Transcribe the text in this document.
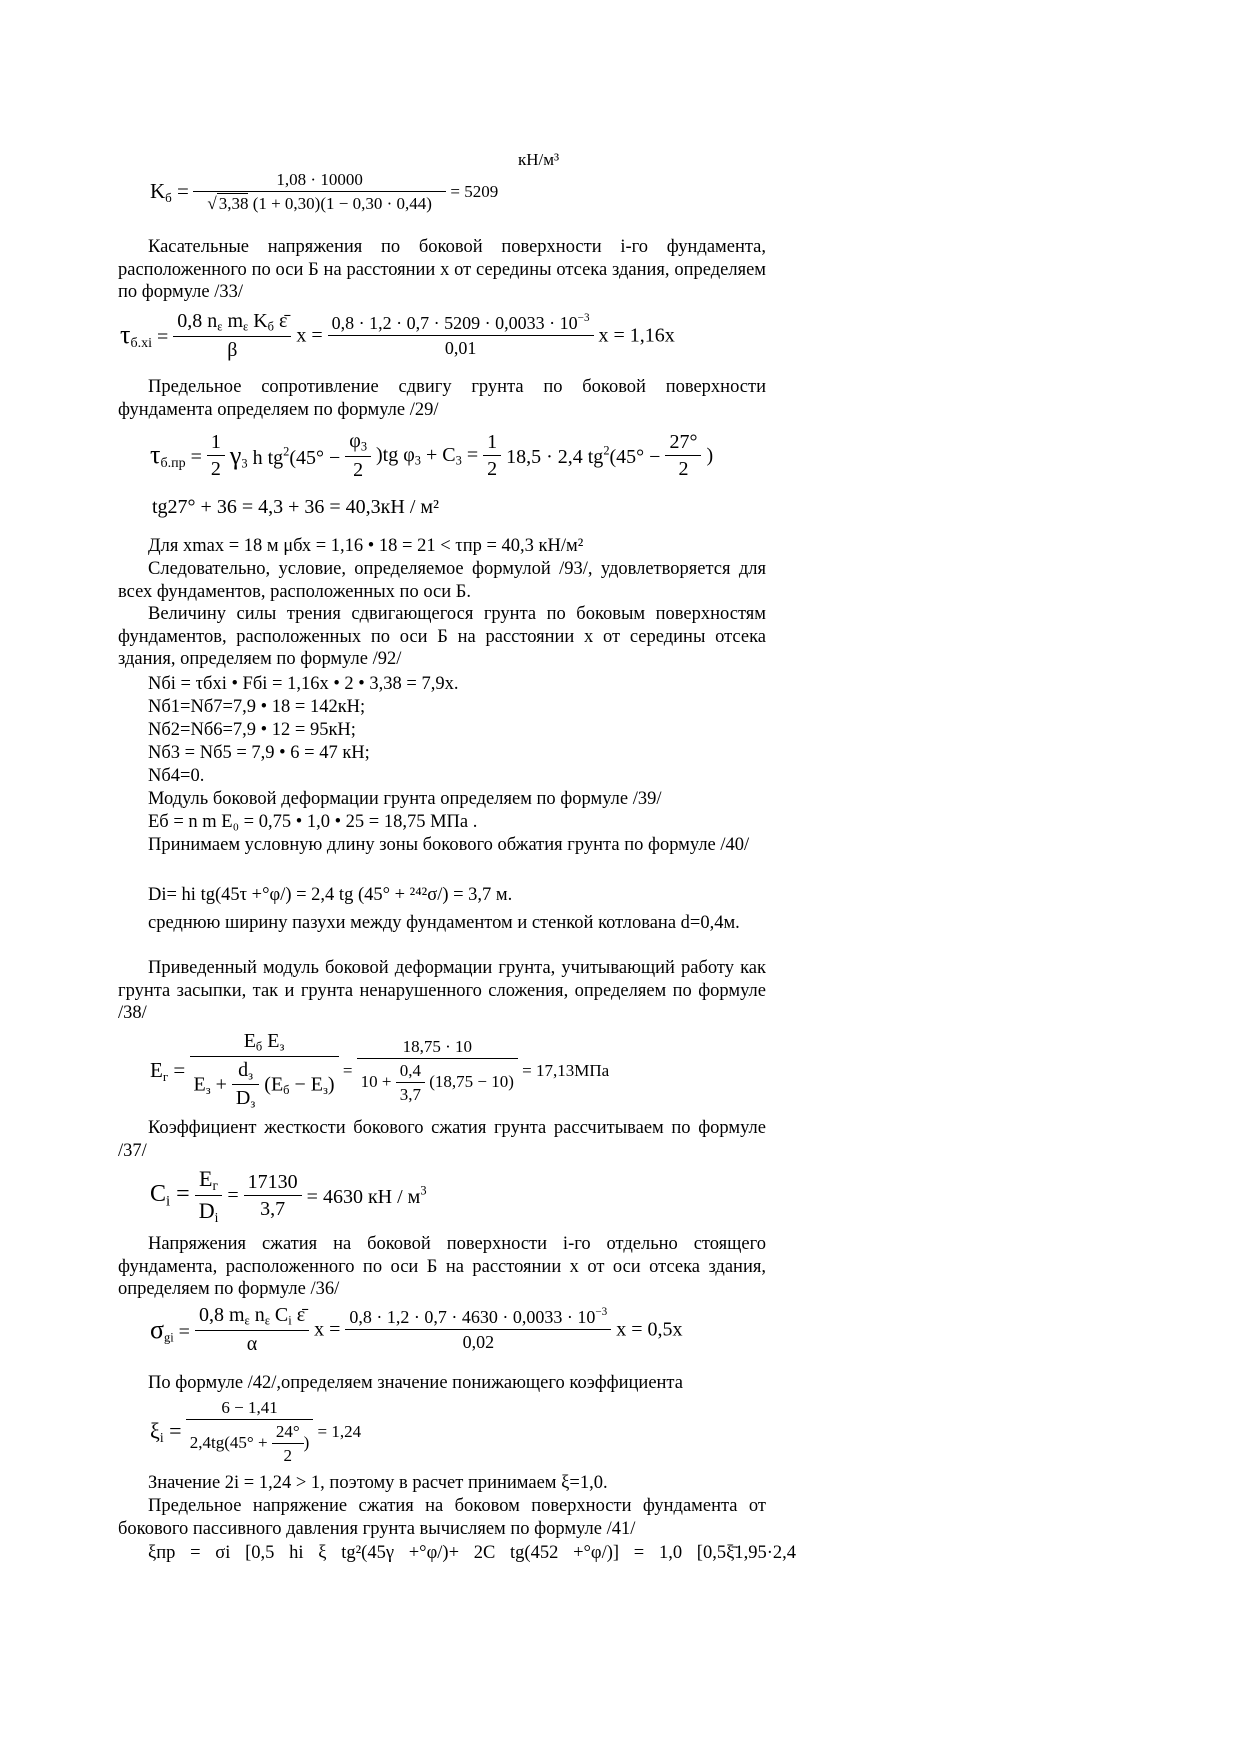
кН/м³
$K_б = \frac{1,08 \cdot 10000}{√ 3,38 (1 + 0,30)(1 - 0,30 \cdot 0,44)} = 5209$
Касательные напряжения по боковой поверхности i-го фундамента, расположенного по оси Б на расстоянии x от середины отсека здания, определяем по формуле /33/
$\tau_{б.xi} = \frac{0,8 n_\varepsilon m_\varepsilon K_б \varepsilon̄}{\beta}$ $x = \frac{0,8 \cdot 1,2 \cdot 0,7 \cdot 5209 \cdot 0,0033 \cdot 10^{-3}}{0,01}$ x = 1,16x
Предельное сопротивление сдвигу грунта по боковой поверхности фундамента определяем по формуле /29/
$\tau_{б.пр} = \frac{1}{2} \gamma_3$ h $tg^2(45^\circ - \frac{\varphi_3}{2} )tg$ $\varphi_3 + C_3 = \frac{1}{2} 18,5 \cdot 2,4$ $tg^2(45^\circ - \frac{27^\circ}{2}$ )
tg27° + 36 = 4,3 + 36 = 40,3кН / м²
Для xmax = 18 м μбх = 1,16 • 18 = 21 < τпр = 40,3 кН/м²
Следовательно, условие, определяемое формулой /93/, удовлетворяется для всех фундаментов, расположенных по оси Б.
Величину силы трения сдвигающегося грунта по боковым поверхностям фундаментов, расположенных по оси Б на расстоянии x от середины отсека здания, определяем по формуле /92/
Nбi = τбxi • Fбi = 1,16x • 2 • 3,38 = 7,9x.
Nб1=Nб7=7,9 • 18 = 142кН;
Nб2=Nб6=7,9 • 12 = 95кН;
Nб3 = Nб5 = 7,9 • 6 = 47 кН;
Nб4=0.
Модуль боковой деформации грунта определяем по формуле /39/
Eб = n m E₀ = 0,75 • 1,0 • 25 = 18,75 МПа .
Принимаем условную длину зоны бокового обжатия грунта по формуле /40/
Di= hi tg(45τ +°φ/) = 2,4 tg (45° + ²⁴²σ/) = 3,7 м.
среднюю ширину пазухи между фундаментом и стенкой котлована d=0,4м.
Приведенный модуль боковой деформации грунта, учитывающий работу как грунта засыпки, так и грунта ненарушенного сложения, определяем по формуле /38/
$E_г = \frac{E_б E_з}{E_з + \frac{d_з}{D_з} (E_б - E_з)} = \frac{18,75 \cdot 10}{10 + \frac{0,4}{3,7} (18,75 - 10)} = 17,13МПа$
Коэффициент жесткости бокового сжатия грунта рассчитываем по формуле /37/
$C_i = \frac{E_г}{D_i} = \frac{17130}{3,7} = 4630$ кН / $м^3$
Напряжения сжатия на боковой поверхности i-го отдельно стоящего фундамента, расположенного по оси Б на расстоянии x от оси отсека здания, определяем по формуле /36/
$\sigma_{gi} = \frac{0,8 m_\varepsilon n_\varepsilon C_i \varepsilon̄}{\alpha}$ $x = \frac{0,8 \cdot 1,2 \cdot 0,7 \cdot 4630 \cdot 0,0033 \cdot 10^{-3}}{0,02}$ x = 0,5x
По формуле /42/,определяем значение понижающего коэффициента
$\xi_i = \frac{6 - 1,41}{2,4tg(45^\circ + \frac{24^\circ}{2} )} = 1,24$
Значение 2i = 1,24 > 1, поэтому в расчет принимаем ξ=1,0.
Предельное напряжение сжатия на боковом поверхности фундамента от бокового пассивного давления грунта вычисляем по формуле /41/
ξпр = σi [0,5 hi ξ tg²(45γ +°φ/)+ 2C tg(452 +°φ/)] = 1,0 [0,5ξ̄1,95·2,4
